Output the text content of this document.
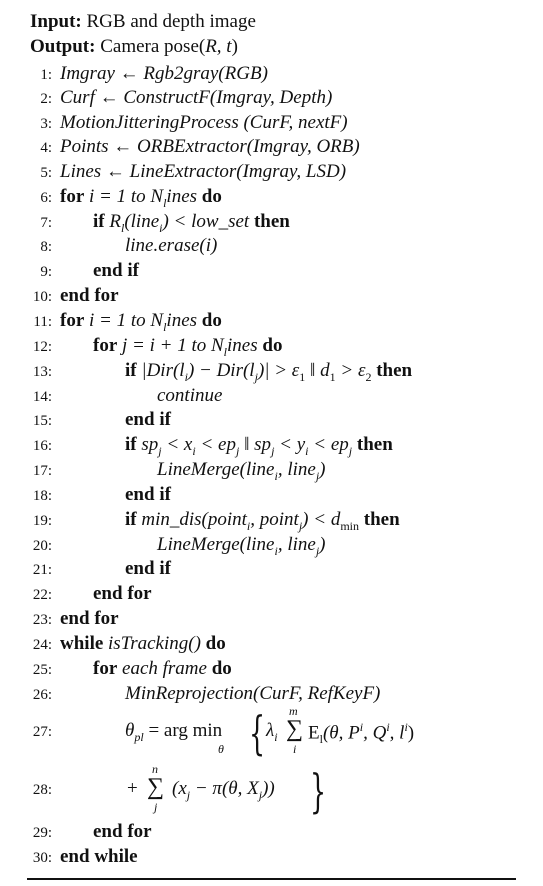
Input: RGB and depth image
Output: Camera pose(R, t)
1: Imgray ← Rgb2gray(RGB)
2: Curf ← ConstructF(Imgray, Depth)
3: MotionJitteringProcess (CurF, nextF)
4: Points ← ORBExtractor(Imgray, ORB)
5: Lines ← LineExtractor(Imgray, LSD)
6: for i = 1 to $N_lines$ do
7: if $R_l(line_i)$ < low_set then
8:	line.erase(i)
9: end if
10: end for
11: for i = 1 to $N_lines$ do
12: for j = i + 1 to $N_lines$ do
13:	if $|Dir(l_i) - Dir(l_j)| > \varepsilon_1$ ‖ $d_1 > \varepsilon_2$ then
14:	continue
15:	end if
16:	if $sp_j < x_i < ep_j$ ‖ $sp_j < y_i < ep_j$ then
17:	LineMerge(line$_i$, line$_j$)
18:	end if
19:	if min_dis(point$_i$, point$_j$) < $d_{min}$ then
20:	LineMerge(line$_i$, line$_j$)
21:	end if
22: end for
23: end for
24: while isTracking() do
25: for each frame do
26:	MinReprojection(CurF, RefKeyF)
27:	$\theta_{pl}$ = arg min
θ { $\lambda_i$
m
∑
i
$E_l(\theta$, $P^i$, $Q^i$, $l^i$)
28:	+
n
∑
j
($x_j - \pi(\theta$, $X_j$)) }
29: end for
30: end while
